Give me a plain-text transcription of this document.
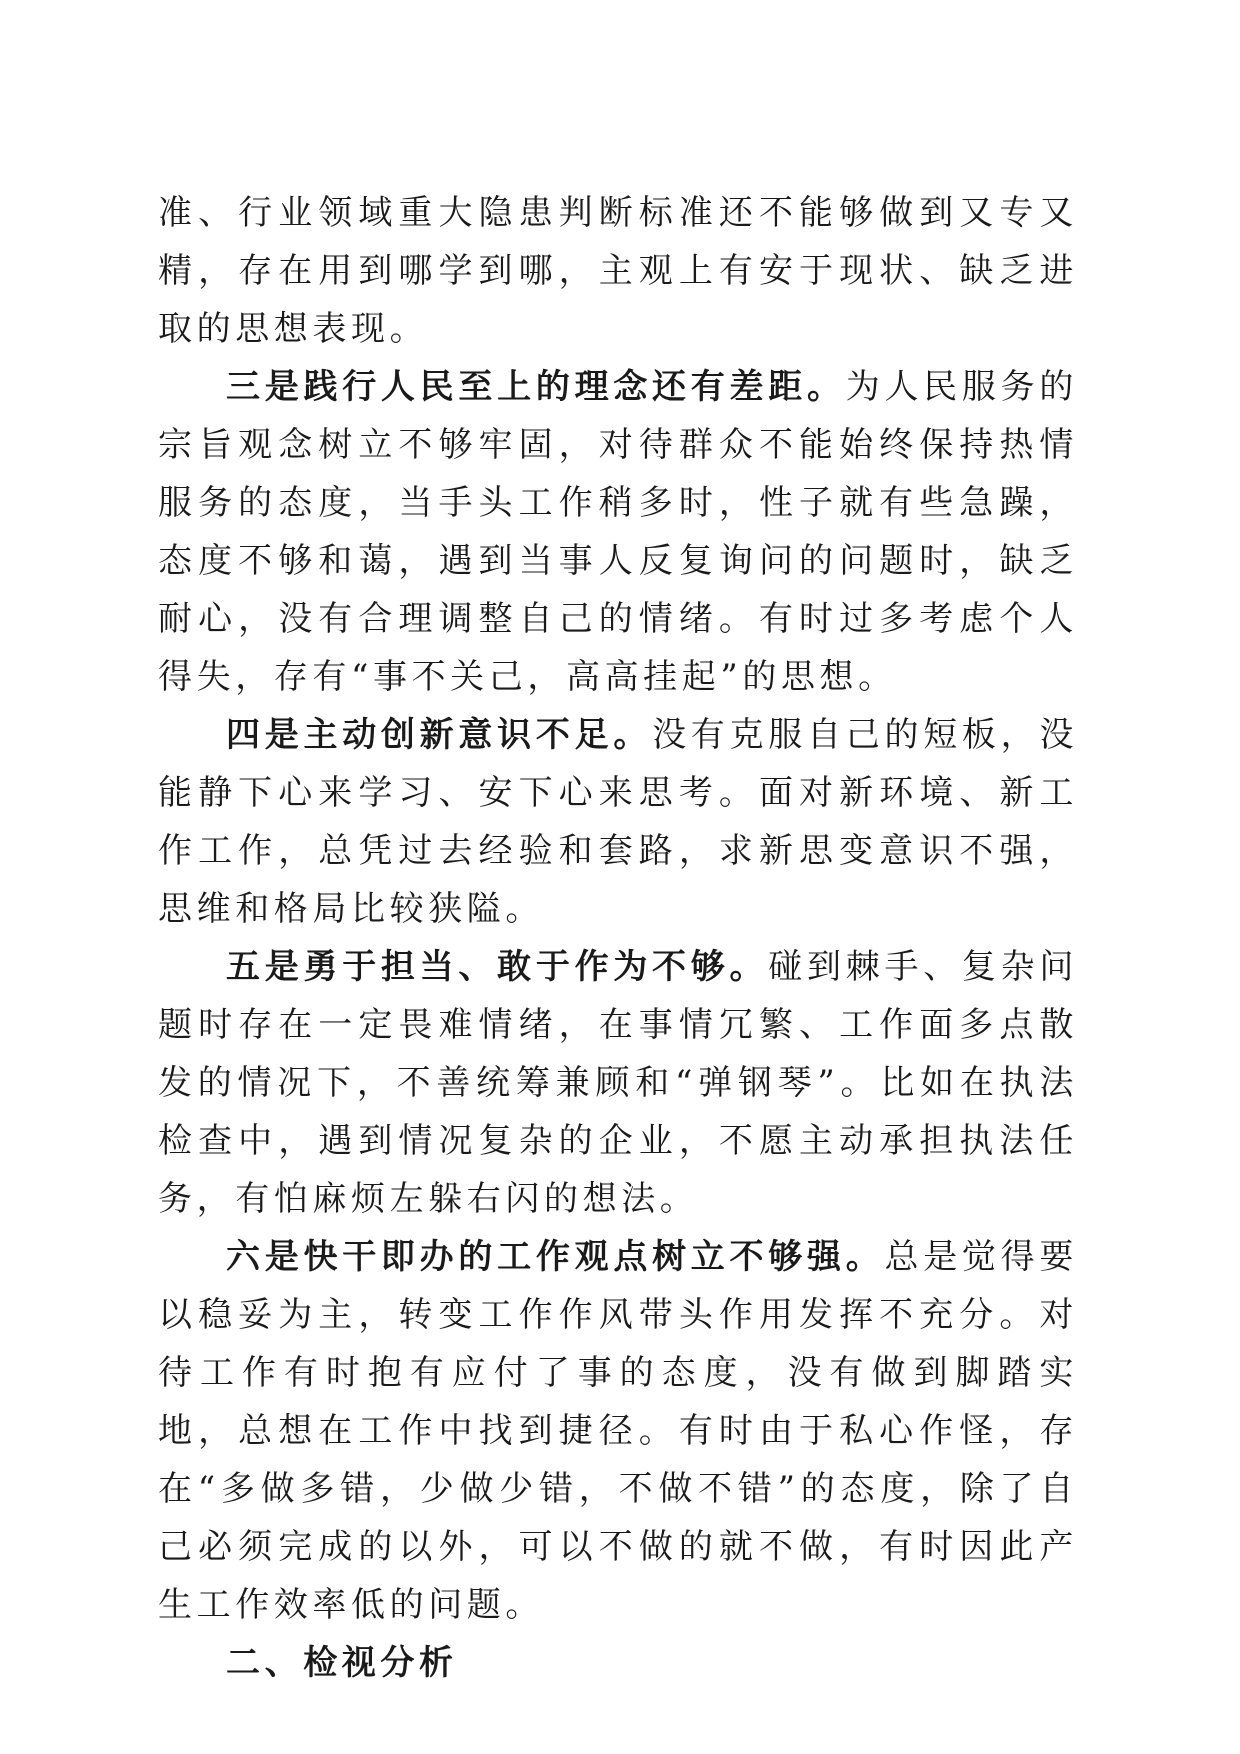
准、行业领域重大隐患判断标准还不能够做到又专又精，存在用到哪学到哪，主观上有安于现状、缺乏进取的思想表现。

三是践行人民至上的理念还有差距。为人民服务的宗旨观念树立不够牢固，对待群众不能始终保持热情服务的态度，当手头工作稍多时，性子就有些急躁，态度不够和蔼，遇到当事人反复询问的问题时，缺乏耐心，没有合理调整自己的情绪。有时过多考虑个人得失，存有“事不关己，高高挂起”的思想。

四是主动创新意识不足。没有克服自己的短板，没能静下心来学习、安下心来思考。面对新环境、新工作工作，总凭过去经验和套路，求新思变意识不强，思维和格局比较狭隘。

五是勇于担当、敢于作为不够。碰到棘手、复杂问题时存在一定畏难情绪，在事情冗繁、工作面多点散发的情况下，不善统筹兼顾和“弹钢琴”。比如在执法检查中，遇到情况复杂的企业，不愿主动承担执法任务，有怕麻烦左躲右闪的想法。

六是快干即办的工作观点树立不够强。总是觉得要以稳妥为主，转变工作作风带头作用发挥不充分。对待工作有时抱有应付了事的态度，没有做到脚踏实地，总想在工作中找到捷径。有时由于私心作怪，存在“多做多错，少做少错，不做不错”的态度，除了自己必须完成的以外，可以不做的就不做，有时因此产生工作效率低的问题。

二、检视分析
